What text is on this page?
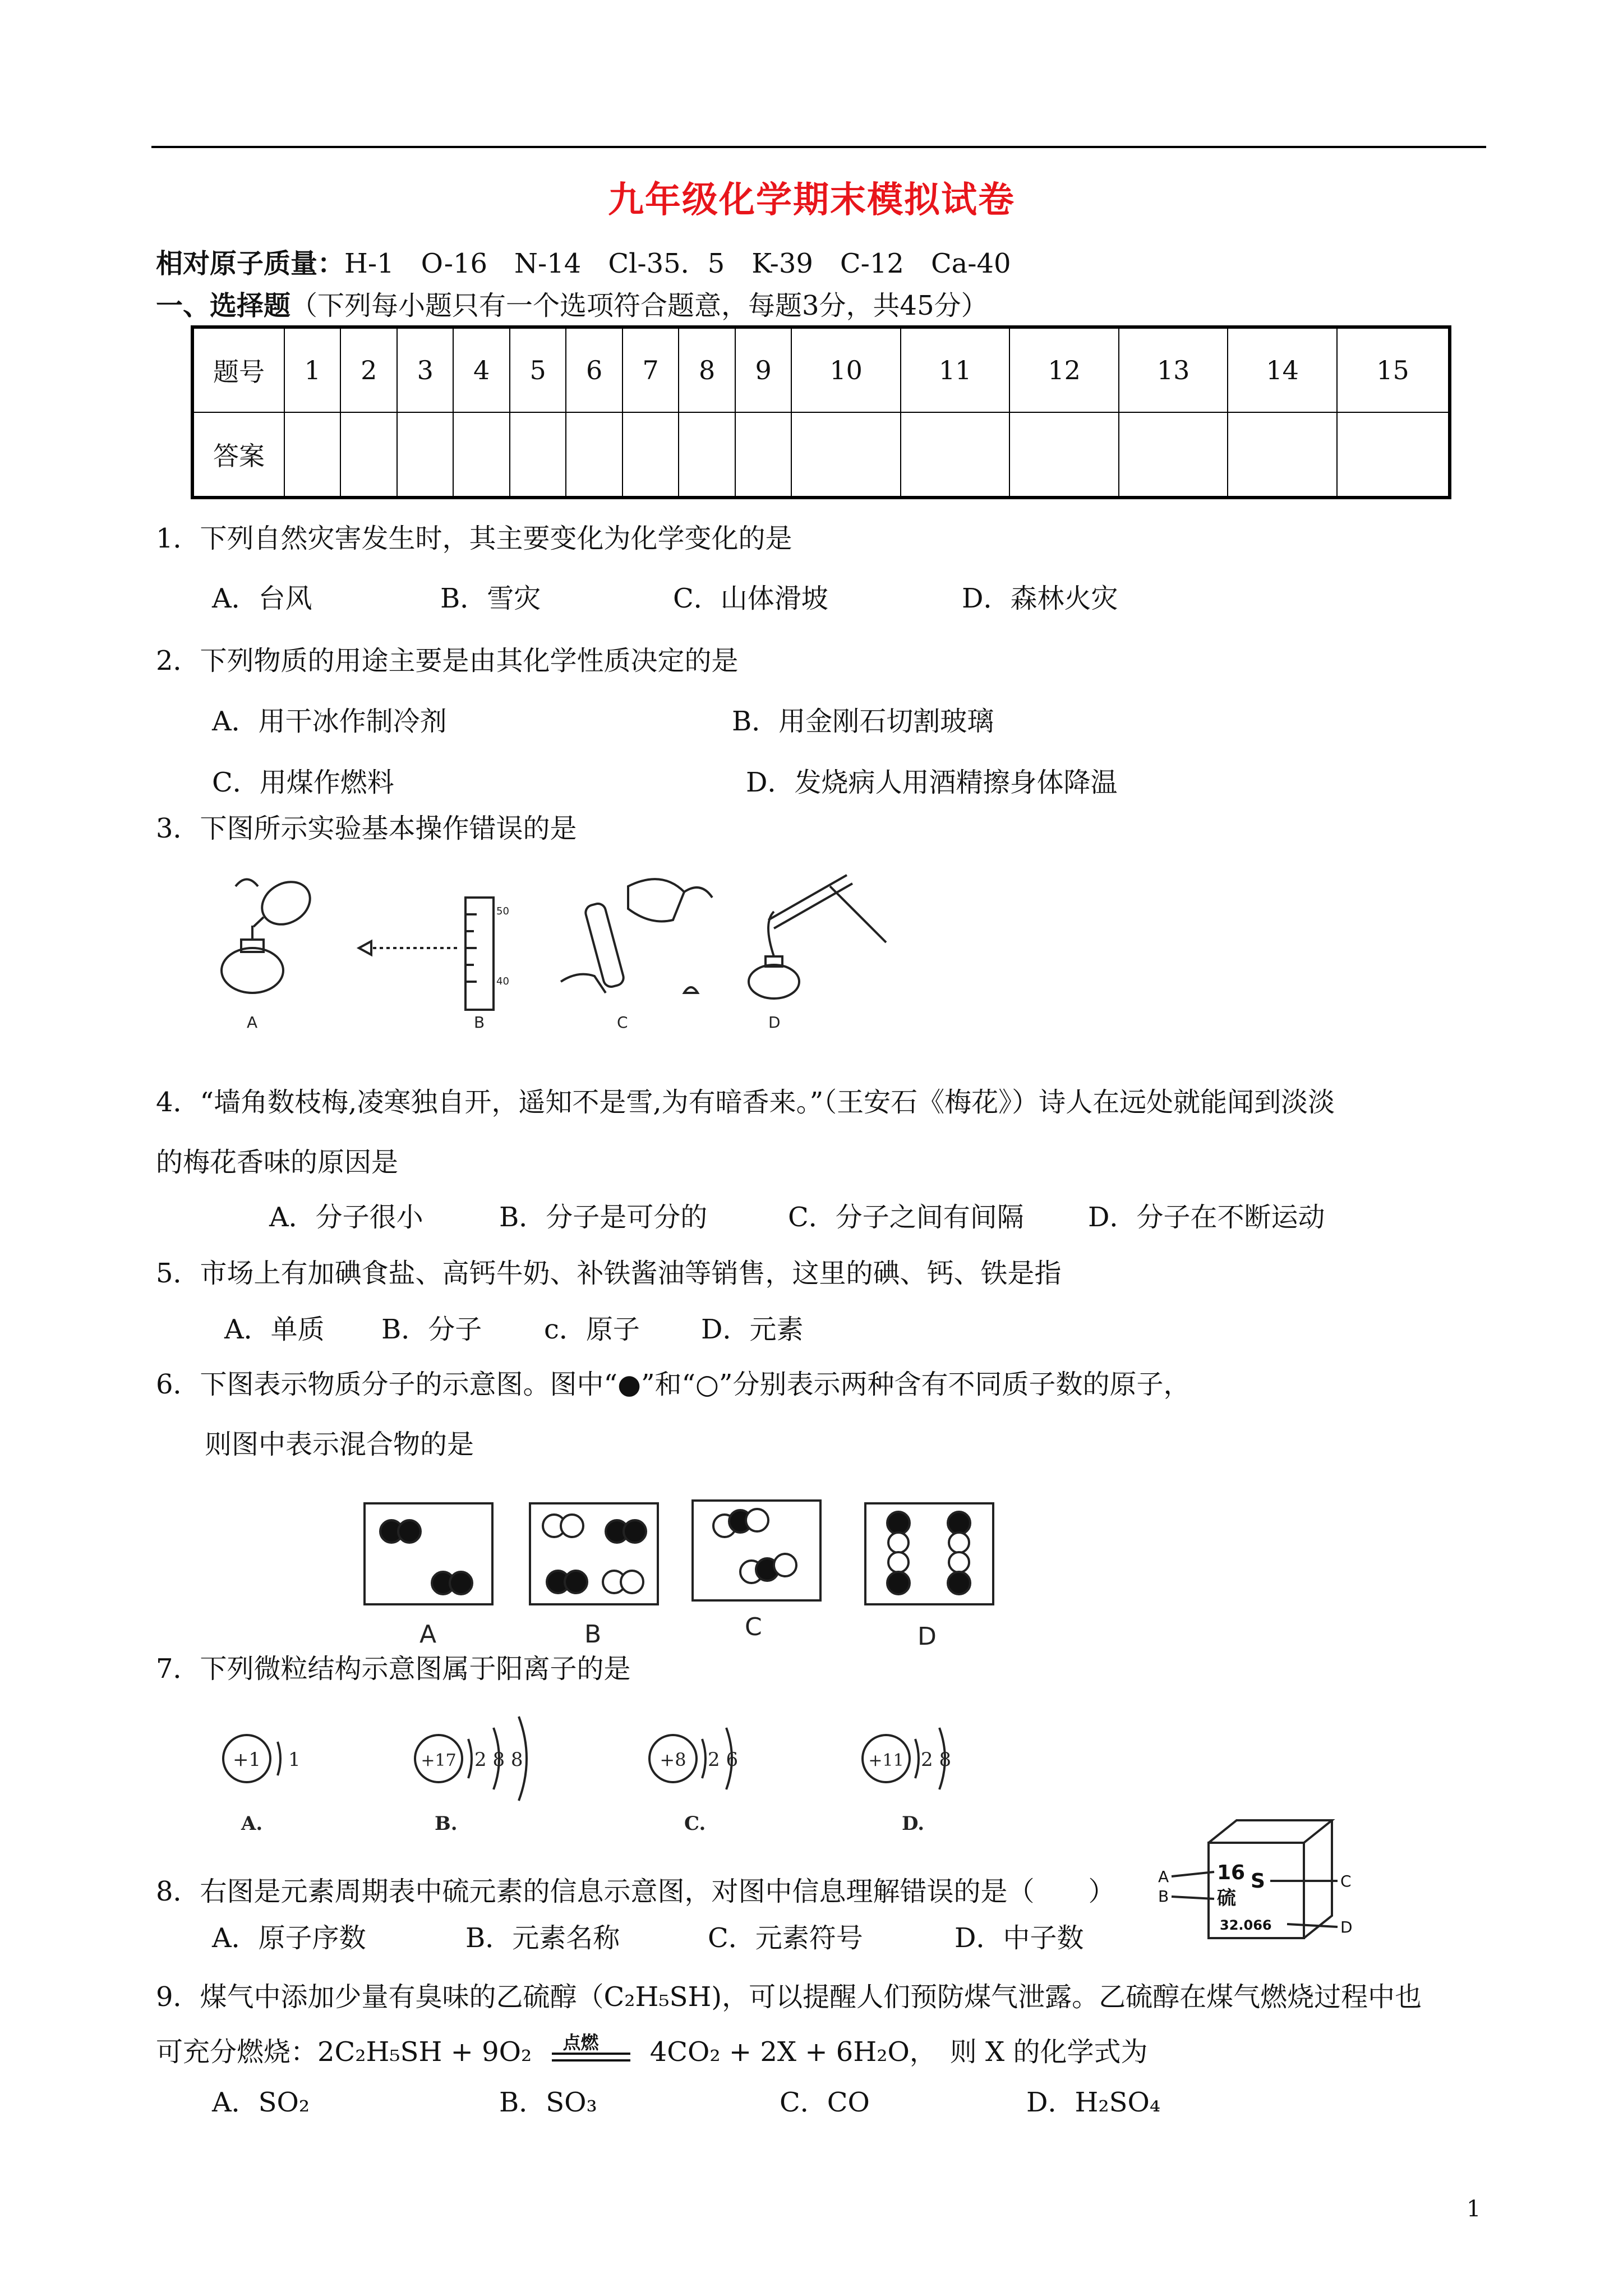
九年级化学期末模拟试卷
相对原子质量：H-1　O-16　N-14　Cl-35．5　K-39　C-12　Ca-40
一、选择题（下列每小题只有一个选项符合题意，每题3分，共45分）
题号	1	2	3	4	5	6	7	8	9	10	11	12	13	14	15
答案															
1．下列自然灾害发生时，其主要变化为化学变化的是
A．台风	B．雪灾	C．山体滑坡	D．森林火灾
2．下列物质的用途主要是由其化学性质决定的是
A．用干冰作制冷剂	B．用金刚石切割玻璃
C．用煤作燃料	D．发烧病人用酒精擦身体降温
3．下图所示实验基本操作错误的是
A
50
40
B	C	D
4．“墙角数枝梅,凌寒独自开，遥知不是雪,为有暗香来。”（王安石《梅花》）诗人在远处就能闻到淡淡
的梅花香味的原因是
A．分子很小	B．分子是可分的	C．分子之间有间隔 D．分子在不断运动
5．市场上有加碘食盐、高钙牛奶、补铁酱油等销售，这里的碘、钙、铁是指
A．单质 B．分子 c．原子 D．元素
6．下图表示物质分子的示意图。图中“●”和“○”分别表示两种含有不同质子数的原子，
则图中表示混合物的是
A	B	C	D
7．下列微粒结构示意图属于阳离子的是
+1 1
A.
+17 2 8 8
B.
+8 2 6
C.
+11 2 8
D.
8．右图是元素周期表中硫元素的信息示意图，对图中信息理解错误的是（　　）
A．原子序数	B．元素名称	C．元素符号	D．中子数
16 S
硫
32.066
A
B
C
D
9．煤气中添加少量有臭味的乙硫醇（C₂H₅SH)，可以提醒人们预防煤气泄露。乙硫醇在煤气燃烧过程中也
可充分燃烧：2C₂H₅SH + 9O₂ 点燃 4CO₂ + 2X + 6H₂O，　则 X 的化学式为
A．SO₂	B．SO₃	C．CO	D．H₂SO₄
1
